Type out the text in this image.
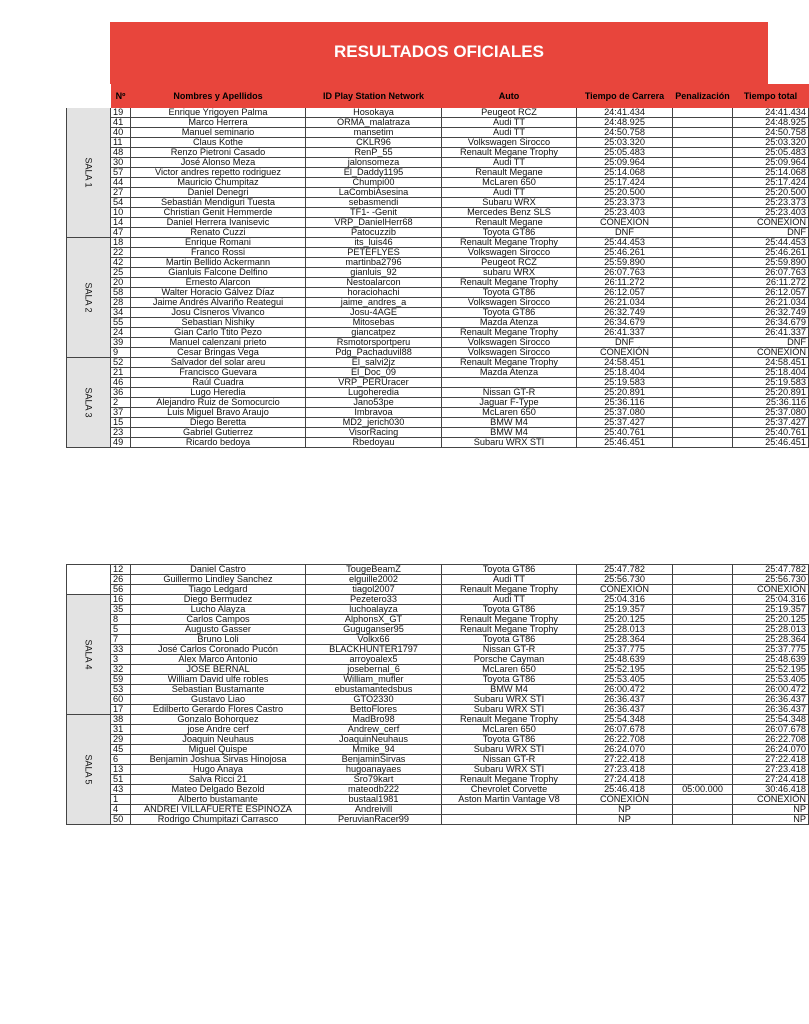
RESULTADOS OFICIALES
	Nº	Nombres y Apellidos	ID Play Station Network	Auto	Tiempo de Carrera	Penalización	Tiempo total
SALA 1	19	Enrique Yrigoyen Palma	Hosokaya	Peugeot RCZ	24:41.434		24:41.434
	41	Marco Herrera	ORMA_malatraza	Audi TT	24:48.925		24:48.925
	40	Manuel seminario	mansetim	Audi TT	24:50.758		24:50.758
	11	Claus Kothe	CKLR96	Volkswagen Sirocco	25:03.320		25:03.320
	48	Renzo Pietroni Casado	RenP_55	Renault Megane Trophy	25:05.483		25:05.483
	30	José Alonso Meza	jalonsomeza	Audi TT	25:09.964		25:09.964
	57	Victor andres repetto rodriguez	El_Daddy1195	Renault Megane	25:14.068		25:14.068
	44	Mauricio Chumpitaz	Chumpi00	McLaren 650	25:17.424		25:17.424
	27	Daniel Denegri	LaCombiAsesina	Audi TT	25:20.500		25:20.500
	54	Sebastián Mendiguri Tuesta	sebasmendi	Subaru WRX	25:23.373		25:23.373
	10	Christian Genit Hemmerde	TF1- -Genit	Mercedes Benz SLS	25:23.403		25:23.403
	14	Daniel Herrera Ivanisevic	VRP_DanielHerr68	Renault Megane	CONEXION		CONEXION
	47	Renato Cuzzi	Patocuzzib	Toyota GT86	DNF		DNF
SALA 2	18	Enrique Romani	its_luis46	Renault Megane Trophy	25:44.453		25:44.453
	22	Franco Rossi	PETEFLYES	Volkswagen Sirocco	25:46.261		25:46.261
	42	Martin Bellido Ackermann	martinba2796	Peugeot RCZ	25:59.890		25:59.890
	25	Gianluis Falcone Delfino	gianluis_92	subaru WRX	26:07.763		26:07.763
	20	Ernesto Alarcon	Nestoalarcon	Renault Megane Trophy	26:11.272		26:11.272
	58	Walter Horacio Gálvez Díaz	horaciohachi	Toyota GT86	26:12.057		26:12.057
	28	Jaime Andrés Alvariño Reategui	jaime_andres_a	Volkswagen Sirocco	26:21.034		26:21.034
	34	Josu Cisneros Vivanco	Josu-4AGE	Toyota GT86	26:32.749		26:32.749
	55	Sebastian Nishiky	Mitosebas	Mazda Atenza	26:34.679		26:34.679
	24	Gian Carlo Ttito Pezo	giancatpez	Renault Megane Trophy	26:41.337		26:41.337
	39	Manuel calenzani prieto	Rsmotorsportperu	Volkswagen Sirocco	DNF		DNF
	9	Cesar Bringas Vega	Pdg_Pachaduvil88	Volkswagen Sirocco	CONEXIÓN		CONEXIÓN
SALA 3	52	Salvador del solar areu	El_salvi2jz	Renault Megane Trophy	24:58.451		24:58.451
	21	Francisco Guevara	El_Doc_09	Mazda Atenza	25:18.404		25:18.404
	46	Raúl Cuadra	VRP_PERUracer		25:19.583		25:19.583
	36	Lugo Heredia	Lugoheredia	Nissan GT-R	25:20.891		25:20.891
	2	Alejandro Ruiz de Somocurcio	Jano53pe	Jaguar F-Type	25:36.116		25:36.116
	37	Luis Miguel Bravo Araujo	Imbravoa	McLaren 650	25:37.080		25:37.080
	15	Diego Beretta	MD2_jerich030	BMW M4	25:37.427		25:37.427
	23	Gabriel Gutierrez	VisorRacing	BMW M4	25:40.761		25:40.761
	49	Ricardo bedoya	Rbedoyau	Subaru WRX STI	25:46.451		25:46.451
	12	Daniel Castro	TougeBeamZ	Toyota GT86	25:47.782		25:47.782
	26	Guillermo Lindley Sanchez	elguille2002	Audi TT	25:56.730		25:56.730
	56	Tiago Ledgard	tiagol2007	Renault Megane Trophy	CONEXIÓN		CONEXIÓN
SALA 4	16	Diego Bermudez	Pezetero33	Audi TT	25:04.316		25:04.316
	35	Lucho Alayza	luchoalayza	Toyota GT86	25:19.357		25:19.357
	8	Carlos Campos	AlphonsX_GT	Renault Megane Trophy	25:20.125		25:20.125
	5	Augusto Gasser	Guguganser95	Renault Megane Trophy	25:28.013		25:28.013
	7	Bruno Loli	Volkx66	Toyota GT86	25:28.364		25:28.364
	33	José Carlos Coronado Pucón	BLACKHUNTER1797	Nissan GT-R	25:37.775		25:37.775
	3	Alex Marco Antonio	arroyoalex5	Porsche Cayman	25:48.639		25:48.639
	32	JOSE BERNAL	josebernal_6	McLaren 650	25:52.195		25:52.195
	59	William David ulfe robles	William_mufler	Toyota GT86	25:53.405		25:53.405
	53	Sebastian Bustamante	ebustamantedsbus	BMW M4	26:00.472		26:00.472
	60	Gustavo Liao	GTO2330	Subaru WRX STI	26:36.437		26:36.437
	17	Edilberto Gerardo Flores Castro	BettoFlores	Subaru WRX STI	26:36.437		26:36.437
SALA 5	38	Gonzalo Bohorquez	MadBro98	Renault Megane Trophy	25:54.348		25:54.348
	31	jose Andre cerf	Andrew_cerf	McLaren 650	26:07.678		26:07.678
	29	Joaquin Neuhaus	JoaquinNeuhaus	Toyota GT86	26:22.708		26:22.708
	45	Miguel Quispe	Mmike_94	Subaru WRX STI	26:24.070		26:24.070
	6	Benjamin Joshua Sirvas Hinojosa	BenjaminSirvas	Nissan GT-R	27:22.418		27:22.418
	13	Hugo Anaya	hugoanayaes	Subaru WRX STI	27:23.418		27:23.418
	51	Salva Ricci 21	Sro79kart	Renault Megane Trophy	27:24.418		27:24.418
	43	Mateo Delgado Bezold	mateodb222	Chevrolet Corvette	25:46.418	05:00.000	30:46.418
	1	Alberto bustamante	bustaal1981	Aston Martin Vantage V8	CONEXIÓN		CONEXIÓN
	4	ANDREI VILLAFUERTE ESPINOZA	Andreivill		NP		NP
	50	Rodrigo Chumpitazi Carrasco	PeruvianRacer99		NP		NP
